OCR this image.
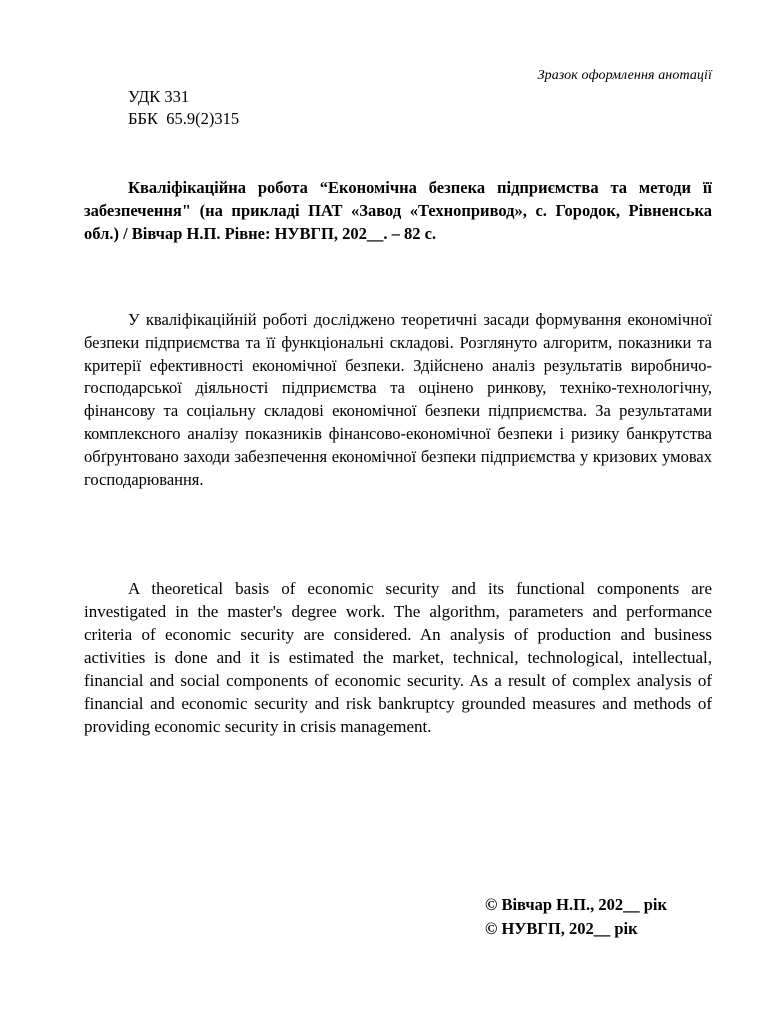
Зразок оформлення анотації
УДК 331
ББК  65.9(2)315

Кваліфікаційна робота “Економічна безпека підприємства та методи її забезпечення" (на прикладі ПАТ «Завод «Технопривод», с. Городок, Рівненська обл.) / Вівчар Н.П. Рівне: НУВГП, 202__. – 82 с.

У кваліфікаційній роботі досліджено теоретичні засади формування економічної безпеки підприємства та її функціональні складові. Розглянуто алгоритм, показники та критерії ефективності економічної безпеки. Здійснено аналіз результатів виробничо-господарської діяльності підприємства та оцінено ринкову, техніко-технологічну, фінансову та соціальну складові економічної безпеки підприємства. За результатами комплексного аналізу показників фінансово-економічної безпеки і ризику банкрутства обґрунтовано заходи забезпечення економічної безпеки підприємства у кризових умовах господарювання.

A theoretical basis of economic security and its functional components are investigated in the master's degree work. The algorithm, parameters and performance criteria of economic security are considered. An analysis of production and business activities is done and it is estimated the market, technical, technological, intellectual, financial and social components of economic security. As a result of complex analysis of financial and economic security and risk bankruptcy grounded measures and methods of providing economic security in crisis management.

© Вівчар Н.П., 202__ рік
© НУВГП, 202__ рік
